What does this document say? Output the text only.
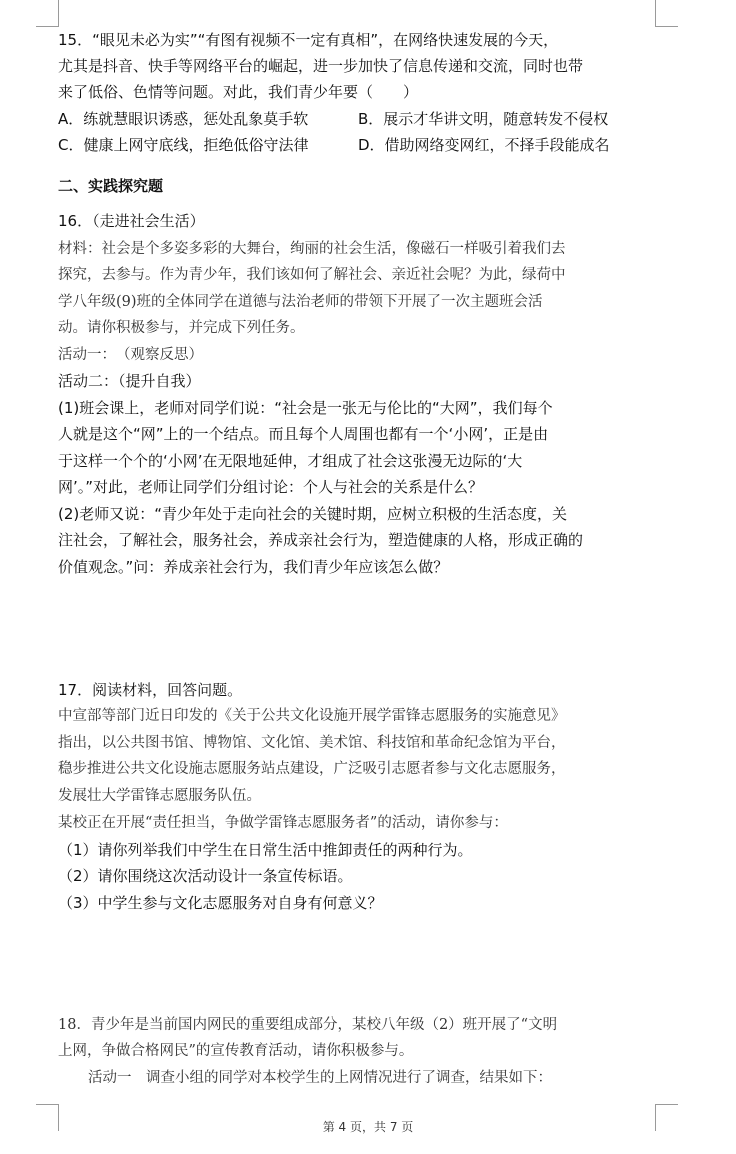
15．“眼见未必为实”“有图有视频不一定有真相”，在网络快速发展的今天，
尤其是抖音、快手等网络平台的崛起，进一步加快了信息传递和交流，同时也带
来了低俗、色情等问题。对此，我们青少年要（　　）
A．练就慧眼识诱惑，惩处乱象莫手软	B．展示才华讲文明，随意转发不侵权
C．健康上网守底线，拒绝低俗守法律	D．借助网络变网红，不择手段能成名
二、实践探究题
16．（走进社会生活）
材料：社会是个多姿多彩的大舞台，绚丽的社会生活，像磁石一样吸引着我们去
探究，去参与。作为青少年，我们该如何了解社会、亲近社会呢？为此，绿荷中
学八年级(9)班的全体同学在道德与法治老师的带领下开展了一次主题班会活
动。请你积极参与，并完成下列任务。
活动一：　（观察反思）
活动二：（提升自我）
(1)班会课上，老师对同学们说：“社会是一张无与伦比的“大网”，我们每个
人就是这个“网”上的一个结点。而且每个人周围也都有一个‘小网’，正是由
于这样一个个的‘小网’在无限地延伸，才组成了社会这张漫无边际的‘大
网’。”对此，老师让同学们分组讨论：个人与社会的关系是什么？
(2)老师又说：“青少年处于走向社会的关键时期，应树立积极的生活态度，关
注社会，了解社会，服务社会，养成亲社会行为，塑造健康的人格，形成正确的
价值观念。”问：养成亲社会行为，我们青少年应该怎么做？
17．阅读材料，回答问题。
中宣部等部门近日印发的《关于公共文化设施开展学雷锋志愿服务的实施意见》
指出，以公共图书馆、博物馆、文化馆、美术馆、科技馆和革命纪念馆为平台，
稳步推进公共文化设施志愿服务站点建设，广泛吸引志愿者参与文化志愿服务，
发展壮大学雷锋志愿服务队伍。
某校正在开展“责任担当，争做学雷锋志愿服务者”的活动，请你参与：
（1）请你列举我们中学生在日常生活中推卸责任的两种行为。
（2）请你围绕这次活动设计一条宣传标语。
（3）中学生参与文化志愿服务对自身有何意义？
18．青少年是当前国内网民的重要组成部分，某校八年级（2）班开展了“文明
上网，争做合格网民”的宣传教育活动，请你积极参与。
活动一　调查小组的同学对本校学生的上网情况进行了调查，结果如下：
第 4 页，共 7 页
